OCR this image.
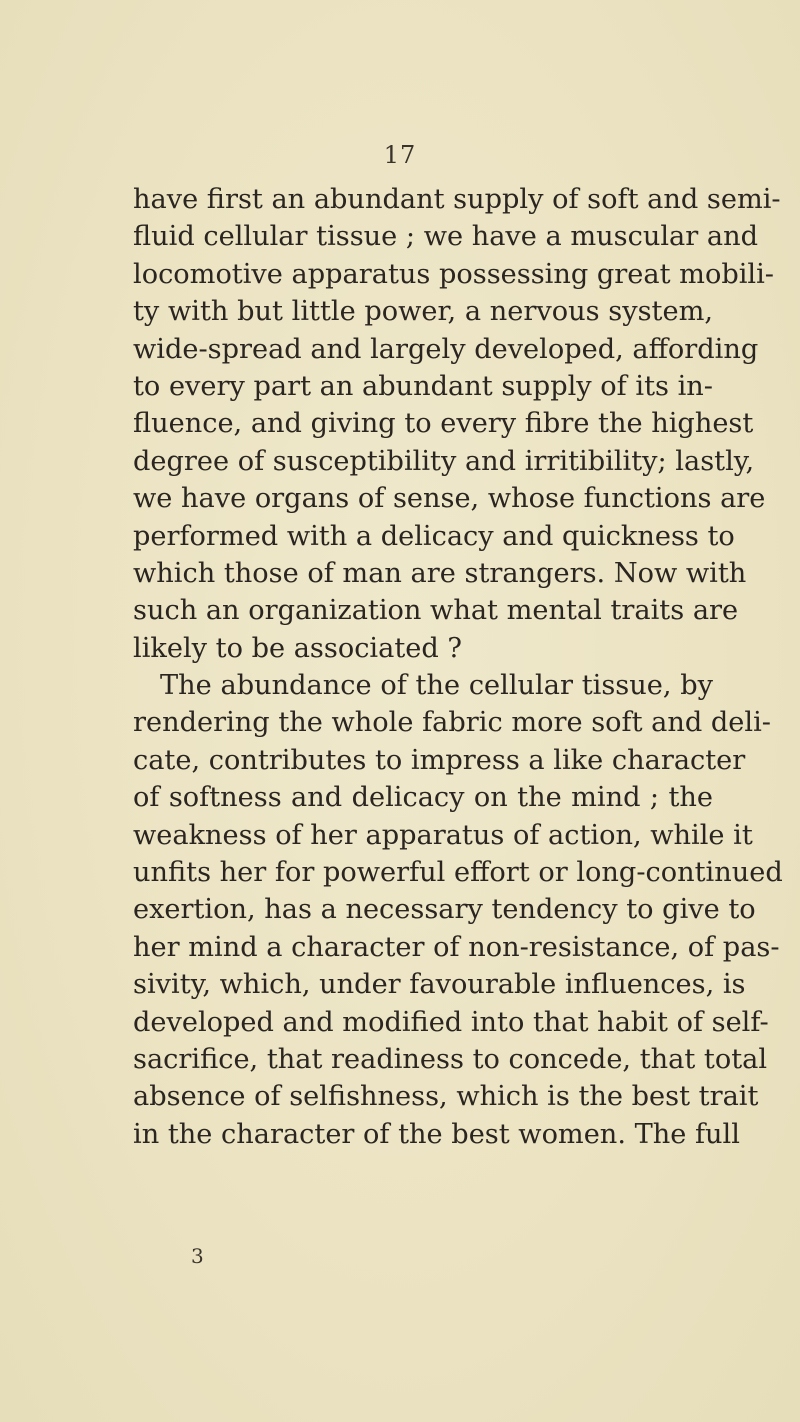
17
have first an abundant supply of soft and semi-
fluid cellular tissue ; we have a muscular and
locomotive apparatus possessing great mobili-
ty with but little power, a nervous system,
wide-spread and largely developed, affording
to every part an abundant supply of its in-
fluence, and giving to every fibre the highest
degree of susceptibility and irritibility; lastly,
we have organs of sense, whose functions are
performed with a delicacy and quickness to
which those of man are strangers. Now with
such an organization what mental traits are
likely to be associated ?
The abundance of the cellular tissue, by
rendering the whole fabric more soft and deli-
cate, contributes to impress a like character
of softness and delicacy on the mind ; the
weakness of her apparatus of action, while it
unfits her for powerful effort or long-continued
exertion, has a necessary tendency to give to
her mind a character of non-resistance, of pas-
sivity, which, under favourable influences, is
developed and modified into that habit of self-
sacrifice, that readiness to concede, that total
absence of selfishness, which is the best trait
in the character of the best women. The full
3
